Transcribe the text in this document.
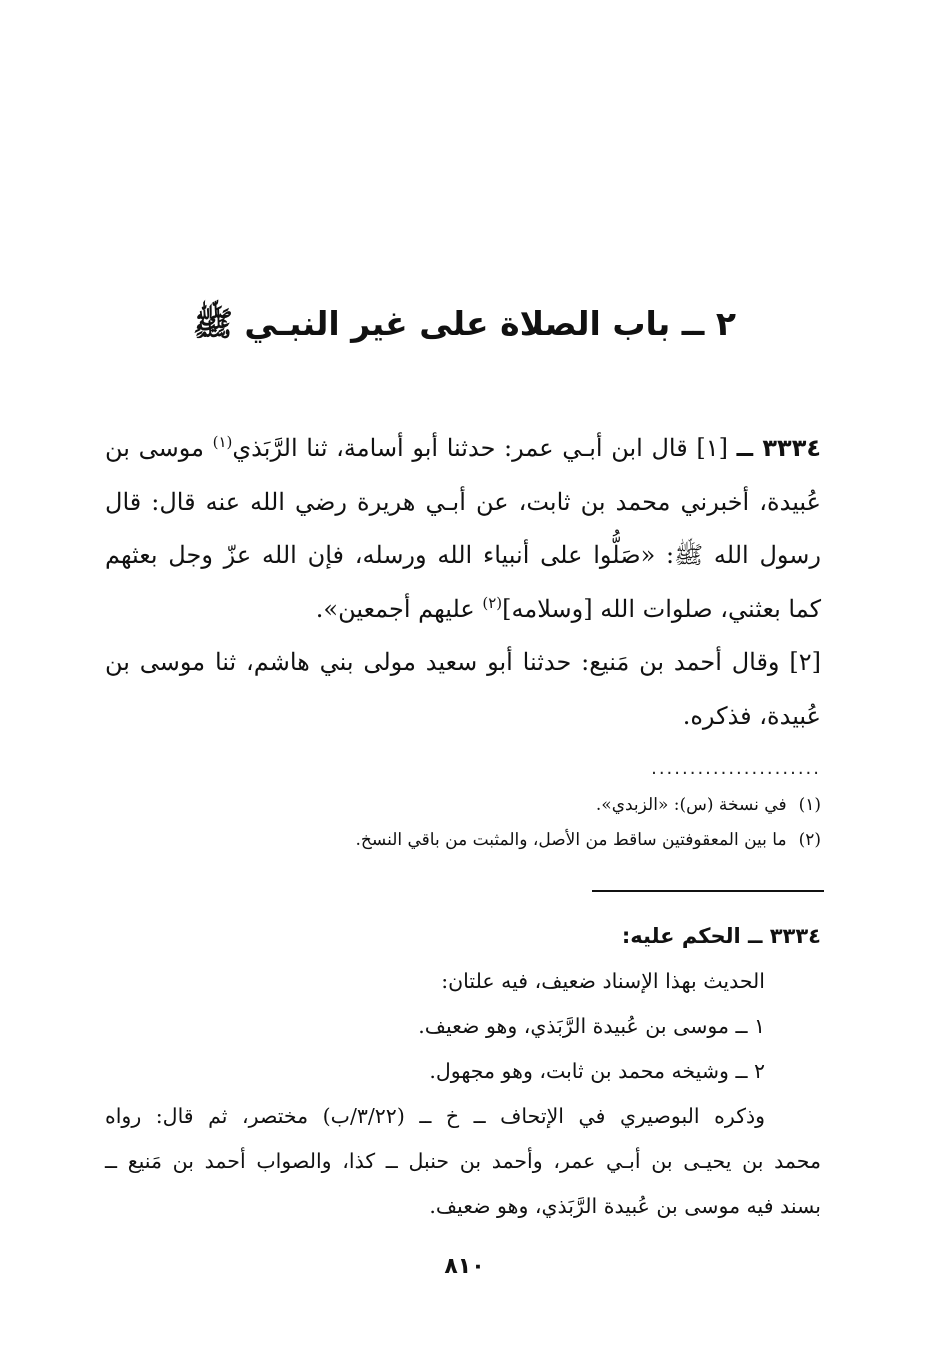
٢ ــ باب الصلاة على غير النبـي ﷺ

٣٣٣٤ ــ [١] قال ابن أبـي عمر: حدثنا أبو أسامة، ثنا الرَّبَذي$^{(١)}$ موسى بن عُبيدة، أخبرني محمد بن ثابت، عن أبـي هريرة رضي الله عنه قال: قال رسول الله ﷺ: «صَلُّوا على أنبياء الله ورسله، فإن الله عزّ وجل بعثهم كما بعثني، صلوات الله [وسلامه]$^{(٢)}$ عليهم أجمعين».

[٢] وقال أحمد بن مَنيع: حدثنا أبو سعيد مولى بني هاشم، ثنا موسى بن عُبيدة، فذكره.

......................
(١)في نسخة (س): «الزبدي».
(٢)ما بين المعقوفتين ساقط من الأصل، والمثبت من باقي النسخ.
٣٣٣٤ ــ الحكم عليه:
الحديث بهذا الإسناد ضعيف، فيه علتان:
١ ــ موسى بن عُبيدة الرَّبَذي، وهو ضعيف.
٢ ــ وشيخه محمد بن ثابت، وهو مجهول.
وذكره البوصيري في الإتحاف ــ خ ــ (٣/٢٢/ب) مختصر، ثم قال: رواه
محمد بن يحيـى بن أبـي عمر، وأحمد بن حنبل ــ كذا، والصواب أحمد بن مَنيع ــ
بسند فيه موسى بن عُبيدة الرَّبَذي، وهو ضعيف.
٨١٠
